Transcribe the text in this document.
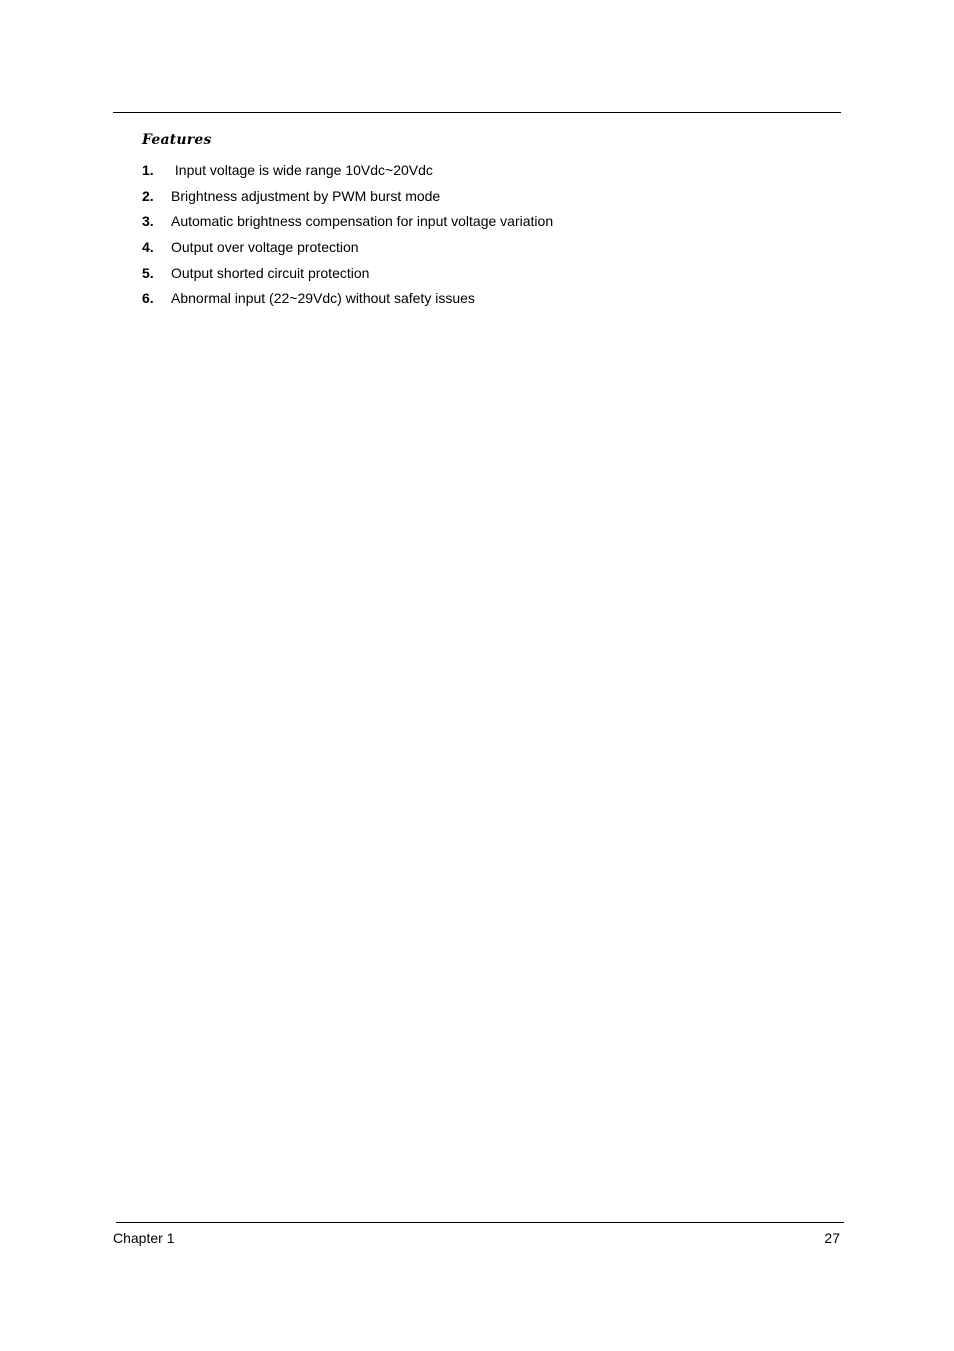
Features
1.	Input voltage is wide range 10Vdc~20Vdc
2.	Brightness adjustment by PWM burst mode
3.	Automatic brightness compensation for input voltage variation
4.	Output over voltage protection
5.	Output shorted circuit protection
6.	Abnormal input (22~29Vdc) without safety issues
Chapter 1	27
